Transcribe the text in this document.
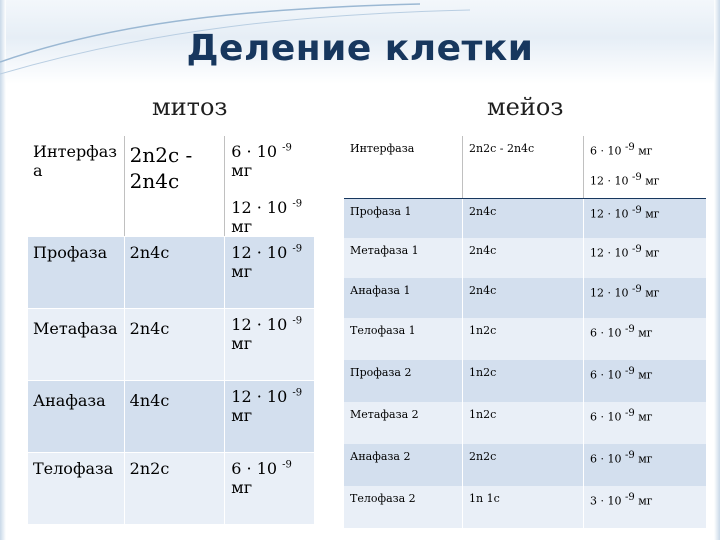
Деление клетки
митоз	мейоз
Интерфаз а	2n2c - 2n4c	6 · 10 $^{-9}$ мг
12 · 10 $^{-9}$
мг

Профаза	2n4c	12 · 10 $^{-9}$
мг
Метафаза	2n4c	12 · 10 $^{-9}$
мг
Анафаза	4n4c	12 · 10 $^{-9}$
мг
Телофаза	2n2c	6 · 10 $^{-9}$ мг
Интерфаза	2n2c - 2n4c	6 · 10 -9 мг
12 · 10 -9 мг

Профаза 1	2n4c	12 · 10 -9 мг
Метафаза 1	2n4c	12 · 10 -9 мг
Анафаза 1	2n4c	12 · 10 -9 мг
Телофаза 1	1n2c	6 · 10 -9 мг
Профаза 2	1n2c	6 · 10 -9 мг
Метафаза 2	1n2c	6 · 10 -9 мг
Анафаза 2	2n2c	6 · 10 -9 мг
Телофаза 2	1n 1c	3 · 10 -9 мг
